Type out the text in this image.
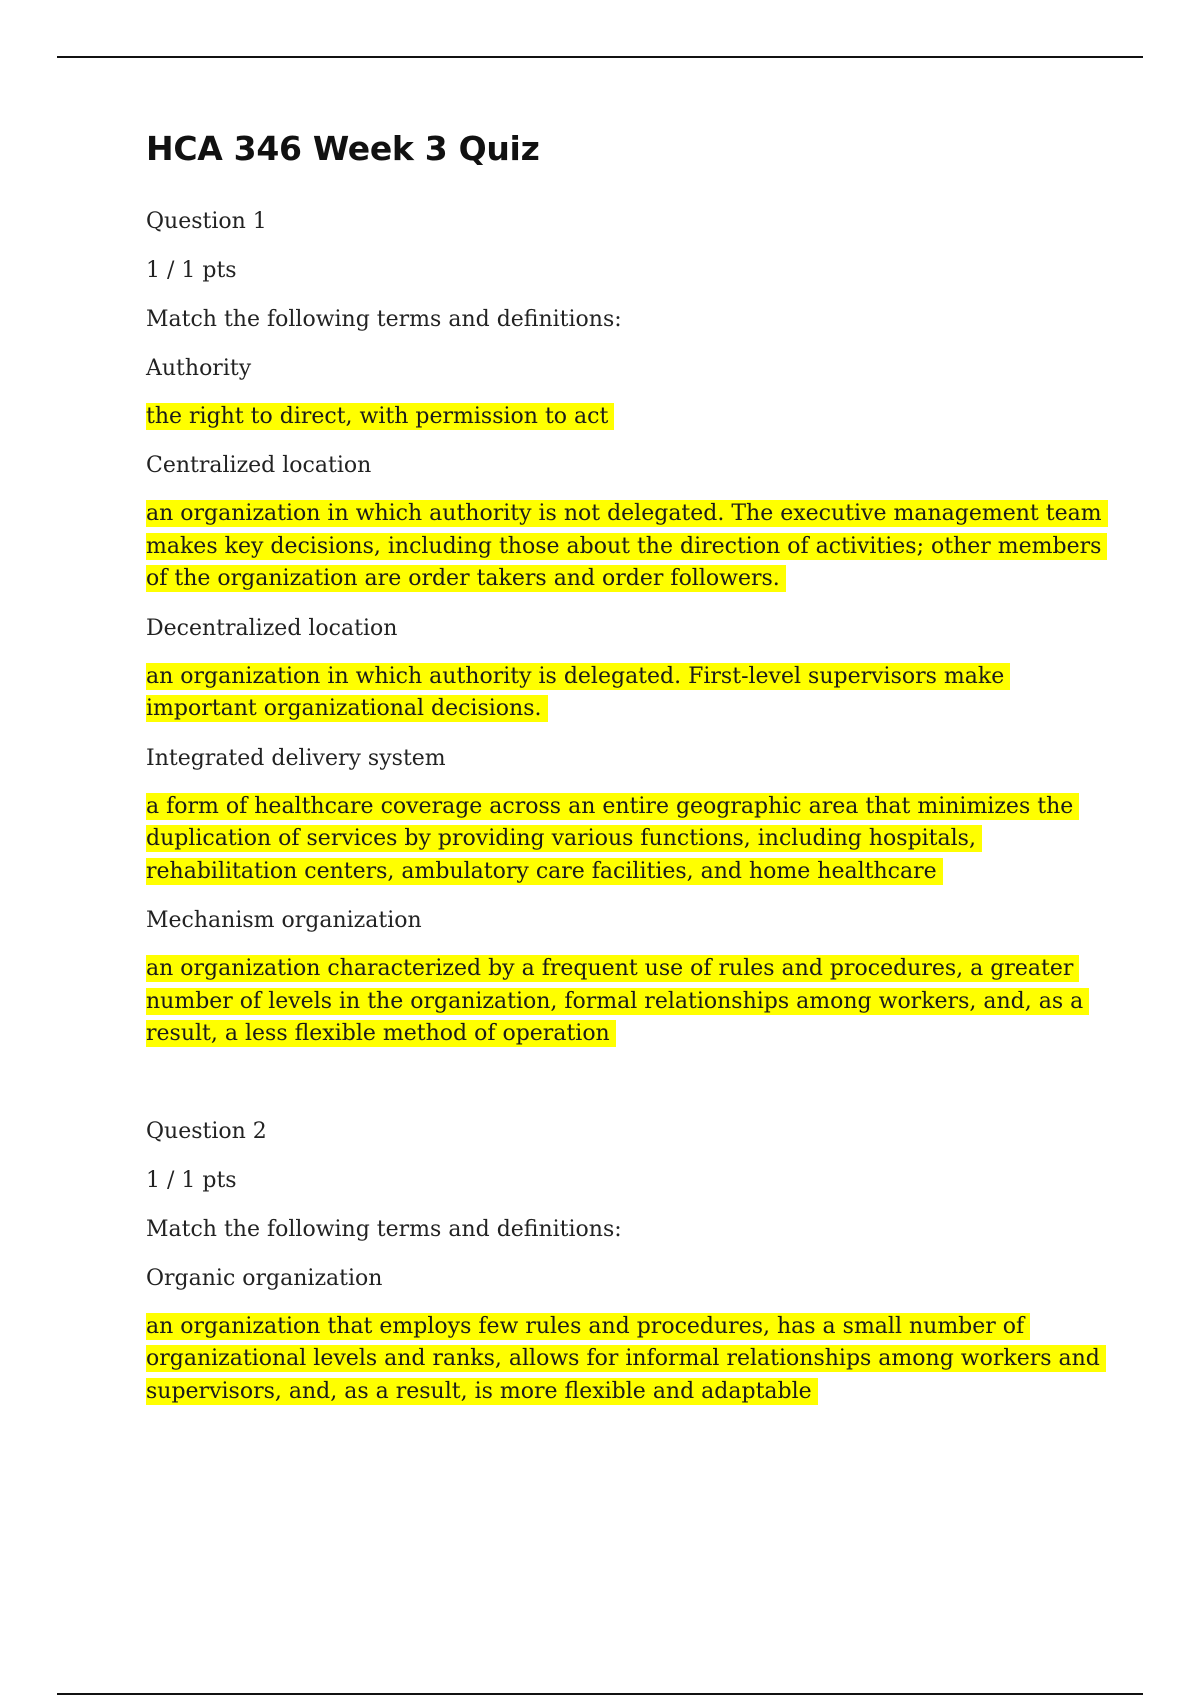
HCA 346 Week 3 Quiz

Question 1

1 / 1 pts

Match the following terms and definitions:

Authority

the right to direct, with permission to act

Centralized location

an organization in which authority is not delegated. The executive management team makes key decisions, including those about the direction of activities; other members of the organization are order takers and order followers.

Decentralized location

an organization in which authority is delegated. First-level supervisors make important organizational decisions.

Integrated delivery system

a form of healthcare coverage across an entire geographic area that minimizes the duplication of services by providing various functions, including hospitals, rehabilitation centers, ambulatory care facilities, and home healthcare

Mechanism organization

an organization characterized by a frequent use of rules and procedures, a greater number of levels in the organization, formal relationships among workers, and, as a result, a less flexible method of operation

Question 2

1 / 1 pts

Match the following terms and definitions:

Organic organization

an organization that employs few rules and procedures, has a small number of organizational levels and ranks, allows for informal relationships among workers and supervisors, and, as a result, is more flexible and adaptable
